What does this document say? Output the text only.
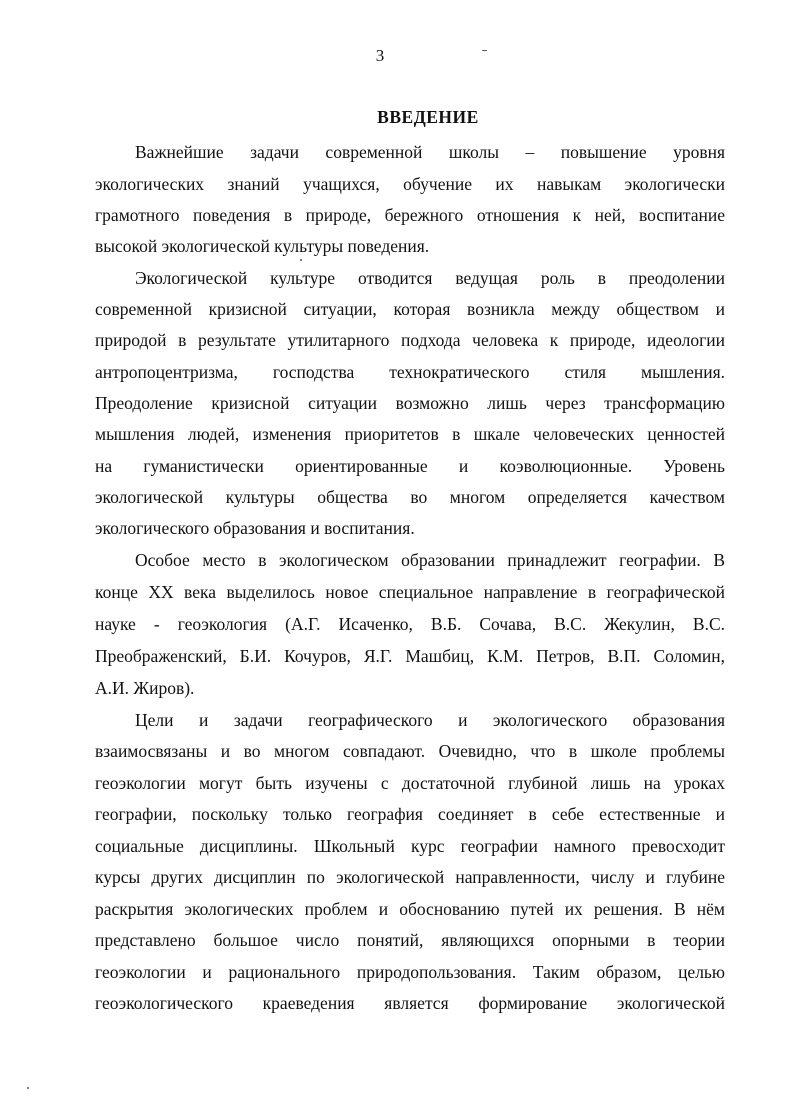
3
ВВЕДЕНИЕ
Важнейшие задачи современной школы – повышение уровня
экологических знаний учащихся, обучение их навыкам экологически
грамотного поведения в природе, бережного отношения к ней, воспитание
высокой экологической культуры поведения.
Экологической культуре отводится ведущая роль в преодолении
современной кризисной ситуации, которая возникла между обществом и
природой в результате утилитарного подхода человека к природе, идеологии
антропоцентризма, господства технократического стиля мышления.
Преодоление кризисной ситуации возможно лишь через трансформацию
мышления людей, изменения приоритетов в шкале человеческих ценностей
на гуманистически ориентированные и коэволюционные. Уровень
экологической культуры общества во многом определяется качеством
экологического образования и воспитания.
Особое место в экологическом образовании принадлежит географии. В
конце XX века выделилось новое специальное направление в географической
науке - геоэкология (А.Г. Исаченко, В.Б. Сочава, В.С. Жекулин, В.С.
Преображенский, Б.И. Кочуров, Я.Г. Машбиц, К.М. Петров, В.П. Соломин,
А.И. Жиров).
Цели и задачи географического и экологического образования
взаимосвязаны и во многом совпадают. Очевидно, что в школе проблемы
геоэкологии могут быть изучены с достаточной глубиной лишь на уроках
географии, поскольку только география соединяет в себе естественные и
социальные дисциплины. Школьный курс географии намного превосходит
курсы других дисциплин по экологической направленности, числу и глубине
раскрытия экологических проблем и обоснованию путей их решения. В нём
представлено большое число понятий, являющихся опорными в теории
геоэкологии и рационального природопользования. Таким образом, целью
геоэкологического краеведения является формирование экологической
